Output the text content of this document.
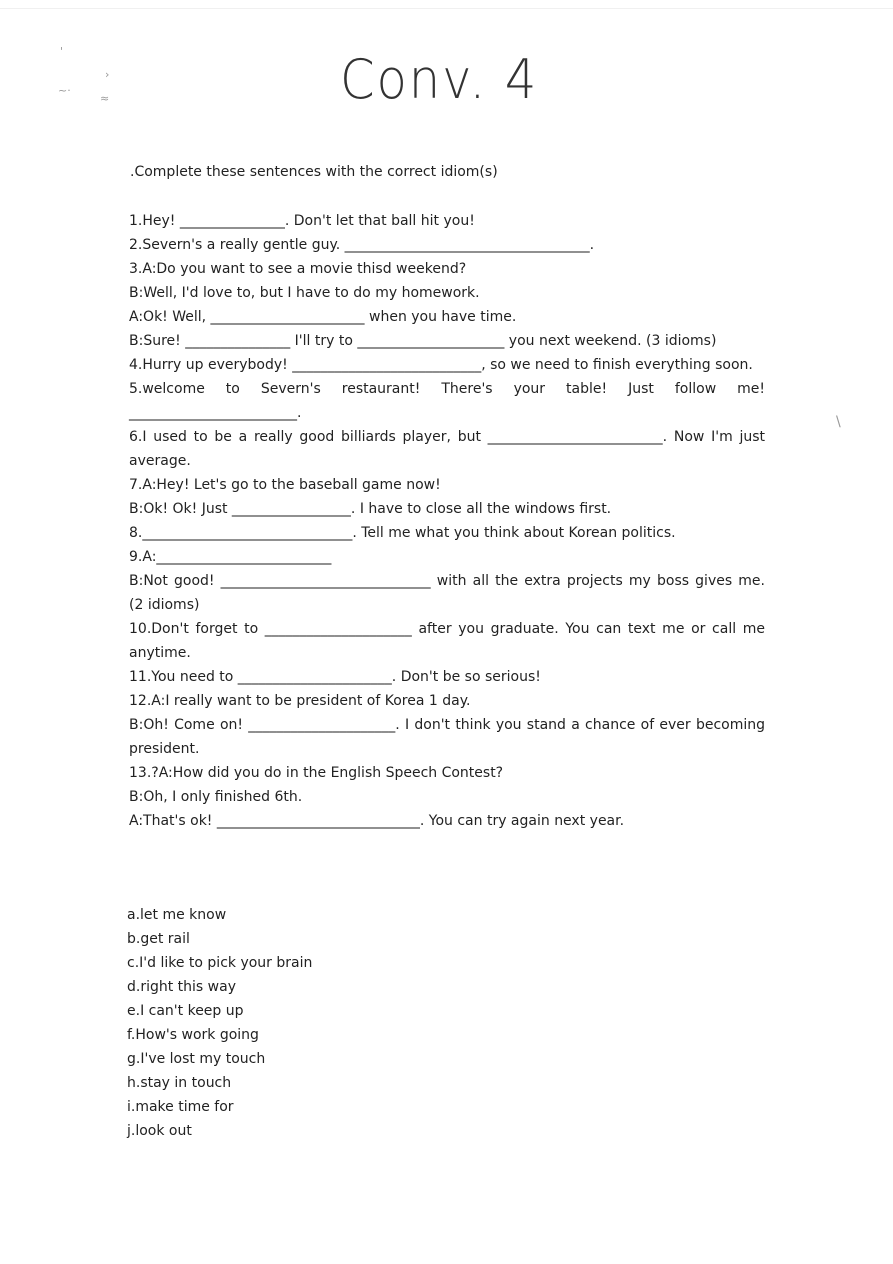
Conv. 4
.Complete these sentences with the correct idiom(s)
1.Hey! _______________. Don't let that ball hit you!
2.Severn's a really gentle guy. ___________________________________.
3.A:Do you want to see a movie thisd weekend?
B:Well, I'd love to, but I have to do my homework.
A:Ok! Well, ______________________ when you have time.
B:Sure! _______________ I'll try to _____________________ you next weekend. (3 idioms)
4.Hurry up everybody! ___________________________, so we need to finish everything soon.
5.welcome to Severn's restaurant! There's your table! Just follow me! ________________________.
6.I used to be a really good billiards player, but _________________________. Now I'm just average.
7.A:Hey! Let's go to the baseball game now!
B:Ok! Ok! Just _________________. I have to close all the windows first.
8.______________________________. Tell me what you think about Korean politics.
9.A:_________________________
B:Not good! ______________________________ with all the extra projects my boss gives me. (2 idioms)
10.Don't forget to _____________________ after you graduate. You can text me or call me anytime.
11.You need to ______________________. Don't be so serious!
12.A:I really want to be president of Korea 1 day.
B:Oh! Come on! _____________________. I don't think you stand a chance of ever becoming president.
13.?A:How did you do in the English Speech Contest?
B:Oh, I only finished 6th.
A:That's ok! _____________________________. You can try again next year.
a.let me know
b.get rail
c.I'd like to pick your brain
d.right this way
e.I can't keep up
f.How's work going
g.I've lost my touch
h.stay in touch
i.make time for
j.look out
'
~·
≈
›
\
